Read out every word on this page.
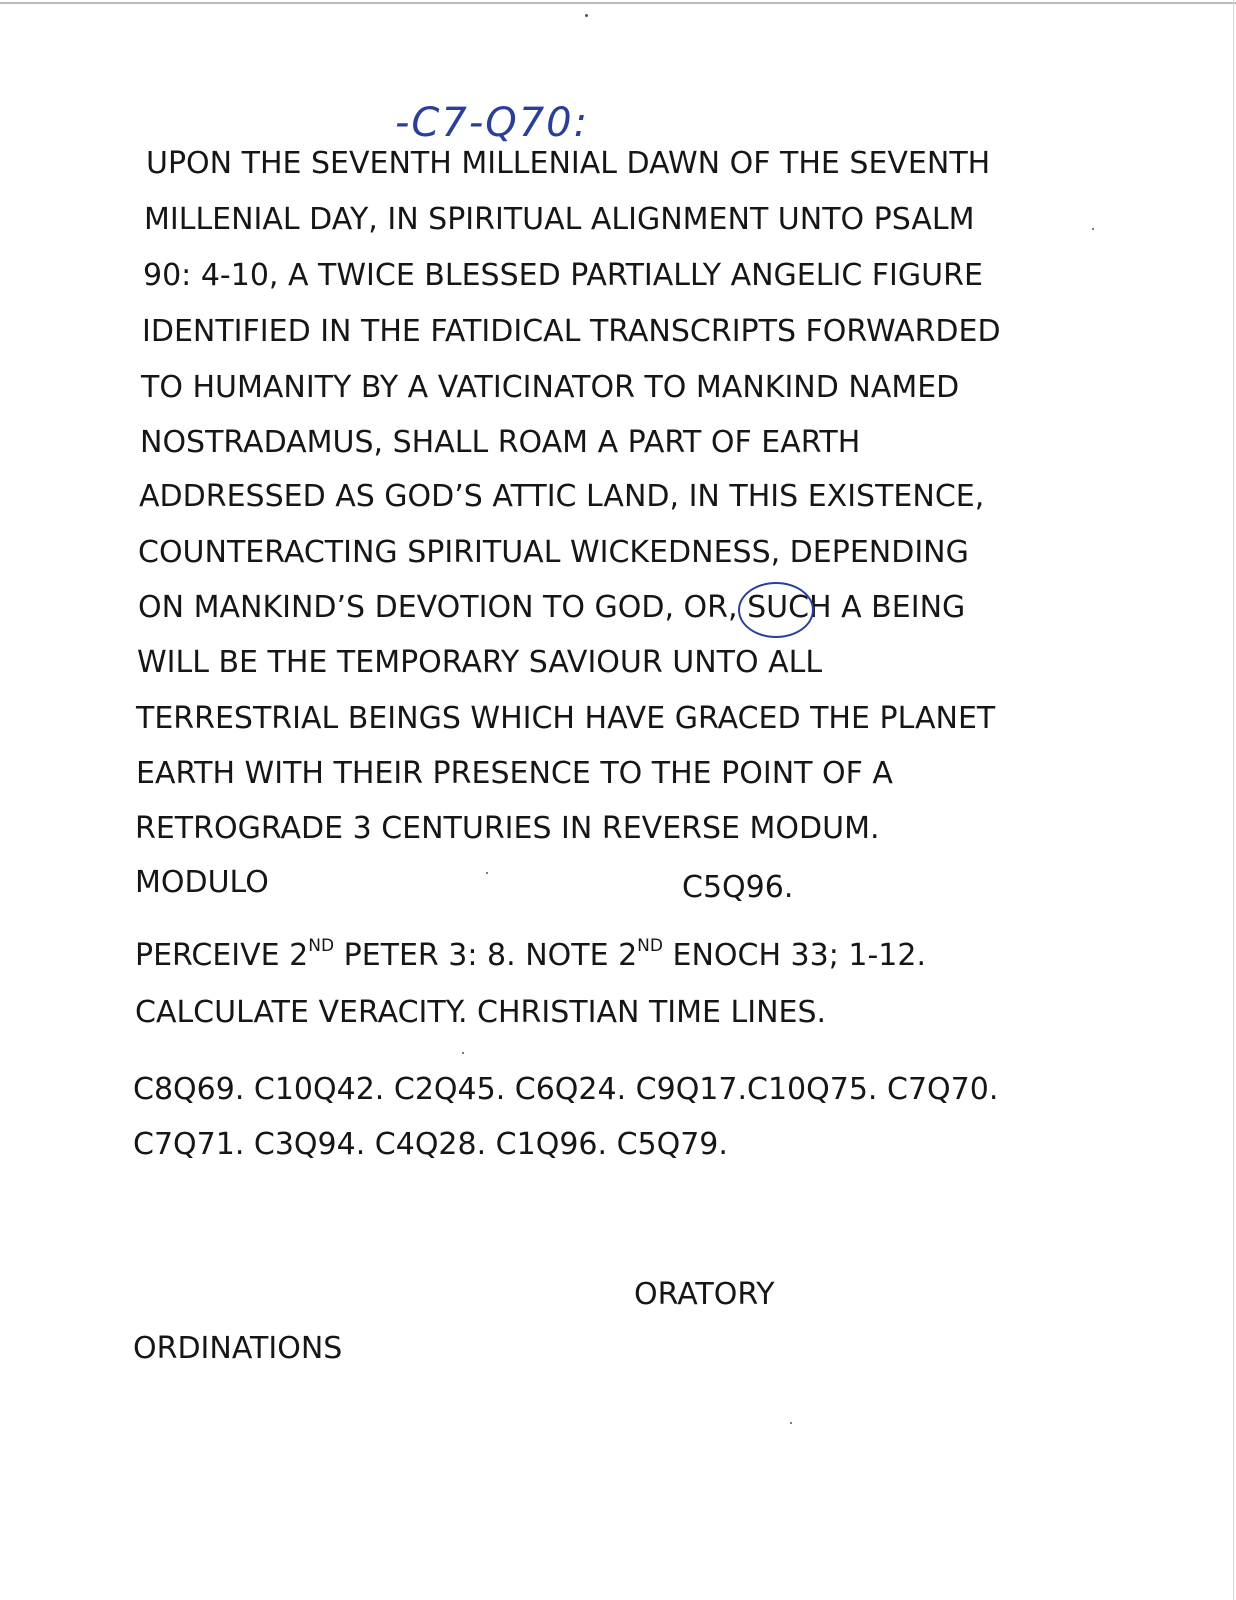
-C7-Q70:
UPON THE SEVENTH MILLENIAL DAWN OF THE SEVENTH
MILLENIAL DAY, IN SPIRITUAL ALIGNMENT UNTO PSALM
90: 4-10, A TWICE BLESSED PARTIALLY ANGELIC FIGURE
IDENTIFIED IN THE FATIDICAL TRANSCRIPTS FORWARDED
TO HUMANITY BY A VATICINATOR TO MANKIND NAMED
NOSTRADAMUS, SHALL ROAM A PART OF EARTH
ADDRESSED AS GOD’S ATTIC LAND, IN THIS EXISTENCE,
COUNTERACTING SPIRITUAL WICKEDNESS, DEPENDING
ON MANKIND’S DEVOTION TO GOD, OR, SUCH A BEING
WILL BE THE TEMPORARY SAVIOUR UNTO ALL
TERRESTRIAL BEINGS WHICH HAVE GRACED THE PLANET
EARTH WITH THEIR PRESENCE TO THE POINT OF A
RETROGRADE 3 CENTURIES IN REVERSE MODUM.
MODULO	C5Q96.
PERCEIVE 2ND PETER 3: 8. NOTE 2ND ENOCH 33; 1-12.
CALCULATE VERACITY. CHRISTIAN TIME LINES.
C8Q69. C10Q42. C2Q45. C6Q24. C9Q17.C10Q75. C7Q70.
C7Q71. C3Q94. C4Q28. C1Q96. C5Q79.
ORATORY
ORDINATIONS
